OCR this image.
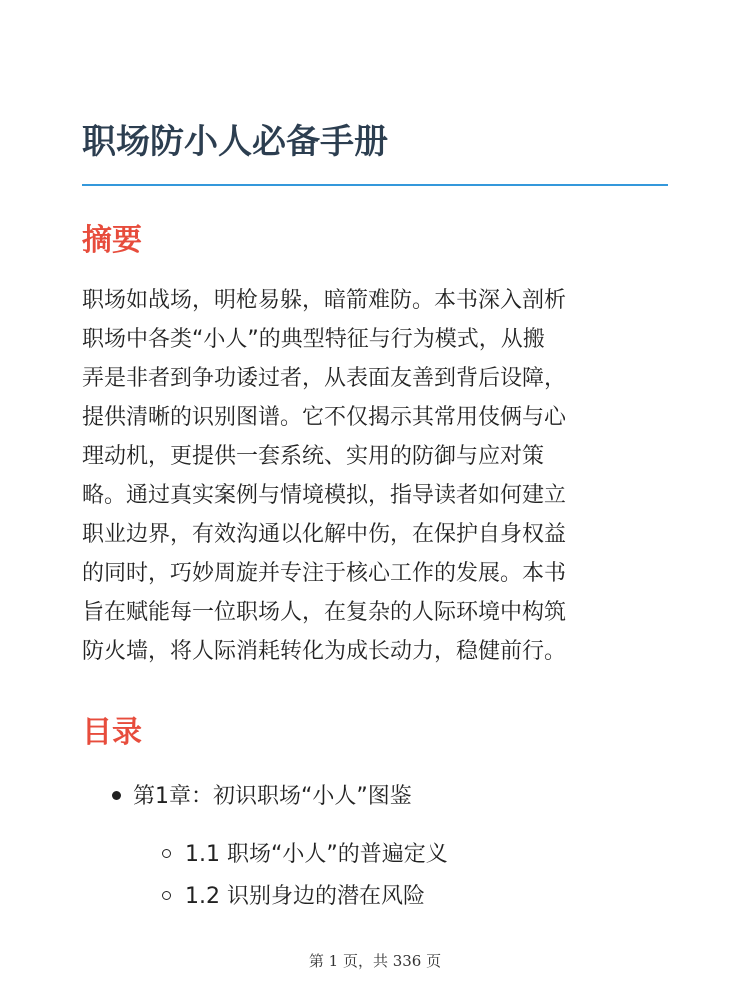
职场防小人必备手册
摘要

职场如战场，明枪易躲，暗箭难防。本书深入剖析
职场中各类“小人”的典型特征与行为模式，从搬
弄是非者到争功诿过者，从表面友善到背后设障，
提供清晰的识别图谱。它不仅揭示其常用伎俩与心
理动机，更提供一套系统、实用的防御与应对策
略。通过真实案例与情境模拟，指导读者如何建立
职业边界，有效沟通以化解中伤，在保护自身权益
的同时，巧妙周旋并专注于核心工作的发展。本书
旨在赋能每一位职场人，在复杂的人际环境中构筑
防火墙，将人际消耗转化为成长动力，稳健前行。

目录
第1章：初识职场“小人”图鉴
1.1 职场“小人”的普遍定义
1.2 识别身边的潜在风险
第 1 页，共 336 页
